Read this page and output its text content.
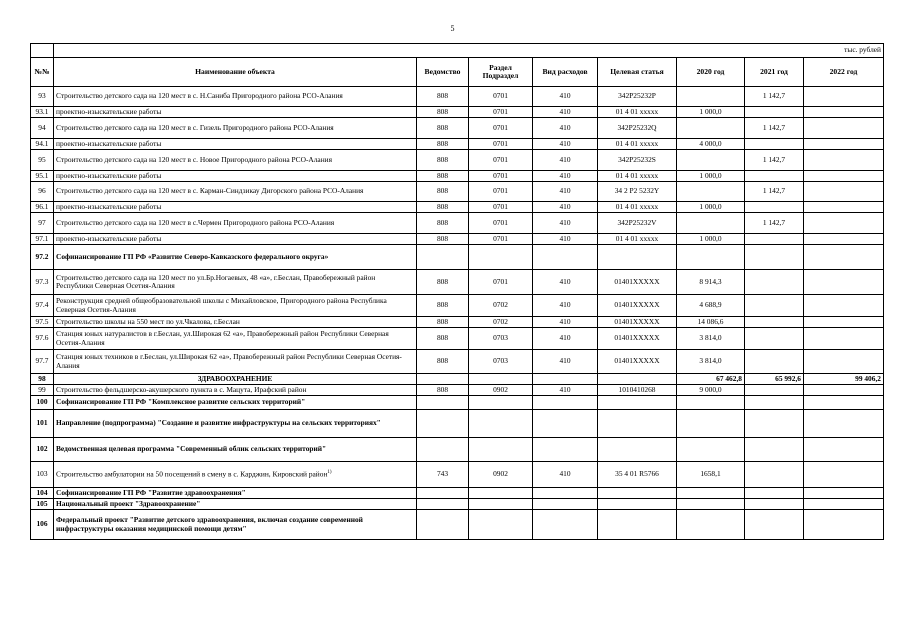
5
	тыс. рублей							
№№	Наименование объекта	Ведомство	Раздел Подраздел	Вид расходов	Целевая статья	2020 год	2021 год	2022 год
93	Строительство детского сада на 120 мест в с. Н.Саниба Пригородного района РСО-Алания	808	0701	410	342P25232P		1 142,7	
93.1	проектно-изыскательские работы	808	0701	410	01 4 01 xxxxx	1 000,0		
94	Строительство детского сада на 120 мест в с. Гизель Пригородного района РСО-Алания	808	0701	410	342P25232Q		1 142,7	
94.1	проектно-изыскательские работы	808	0701	410	01 4 01 xxxxx	4 000,0		
95	Строительство детского сада на 120 мест в с. Новое Пригородного района РСО-Алания	808	0701	410	342P25232S		1 142,7	
95.1	проектно-изыскательские работы	808	0701	410	01 4 01 xxxxx	1 000,0		
96	Строительство детского сада на 120 мест в с. Карман-Синдзикау Дигорского района РСО-Алания	808	0701	410	34 2 P2 5232Y		1 142,7	
96.1	проектно-изыскательские работы	808	0701	410	01 4 01 xxxxx	1 000,0		
97	Строительство детского сада на 120 мест в с.Чермен Пригородного района РСО-Алания	808	0701	410	342P25232V		1 142,7	
97.1	проектно-изыскательские работы	808	0701	410	01 4 01 xxxxx	1 000,0		
97.2	Софинансирование ГП РФ «Развитие Северо-Кавказского федерального округа»							
97.3	Строительство детского сада на 120 мест по ул.Бр.Ногаевых, 48 «а», г.Беслан, Правобережный район Республики Северная Осетия-Алания	808	0701	410	01401XXXXX	8 914,3		
97.4	Реконструкция средней общеобразовательной школы с Михайловское, Пригородного района Республика Северная Осетия-Алания	808	0702	410	01401XXXXX	4 688,9		
97.5	Строительство школы на 550 мест по ул.Чкалова, г.Беслан	808	0702	410	01401XXXXX	14 086,6		
97.6	Станция юных натуралистов в г.Беслан, ул.Широкая 62 «а», Правобережный район Республики Северная Осетия-Алания	808	0703	410	01401XXXXX	3 814,0		
97.7	Станция юных техников в г.Беслан, ул.Широкая 62 «а», Правобережный район Республики Северная Осетия-Алания	808	0703	410	01401XXXXX	3 814,0		
98	ЗДРАВООХРАНЕНИЕ					67 462,8	65 992,6	99 406,2
99	Строительство фельдшерско-акушерского пункта в с. Мацута, Ирафский район	808	0902	410	1010410268	9 000,0		
100	Софинансирование ГП РФ "Комплексное развитие сельских территорий"							
101	Направление (подпрограмма) "Создание и развитие инфраструктуры на сельских территориях"							
102	Ведомственная целевая программа "Современный облик сельских территорий"							
103	Строительство амбулатории на 50 посещений в смену в с. Карджин, Кировский район$^{1)}$	743	0902	410	35 4 01 R5766	1658,1		
104	Софинансирование ГП РФ "Развитие здравоохранения"							
105	Национальный проект "Здравоохранение"							
106	Федеральный проект "Развитие детского здравоохранения, включая создание современной инфраструктуры оказания медицинской помощи детям"							
